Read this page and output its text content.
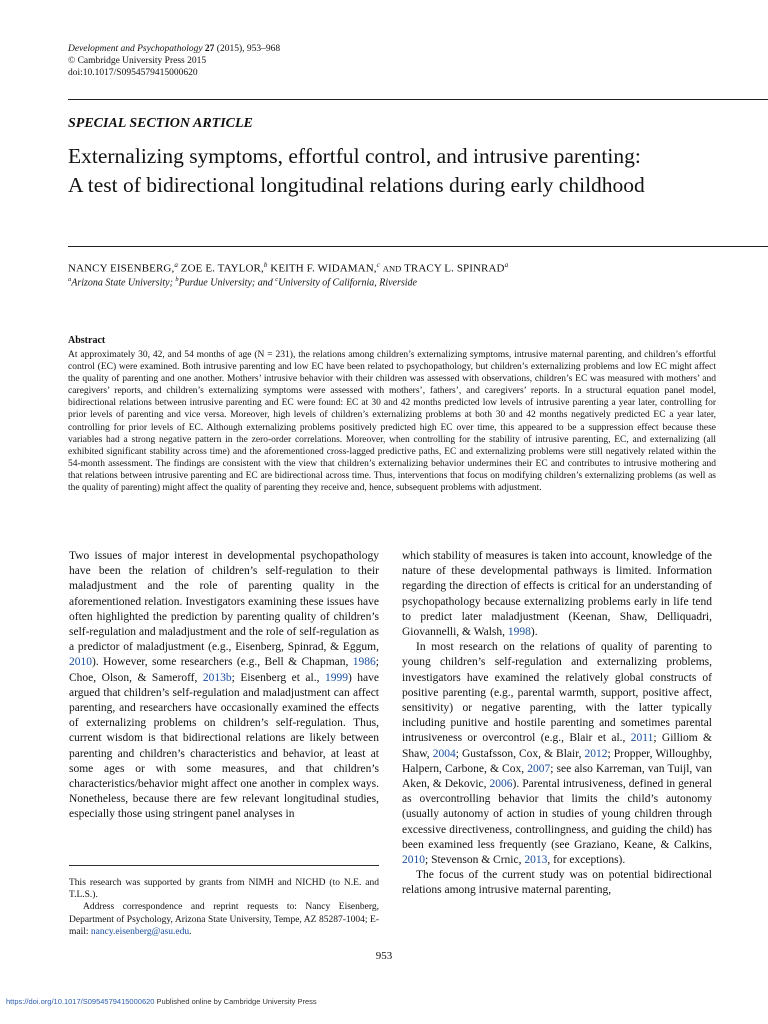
Development and Psychopathology 27 (2015), 953–968
© Cambridge University Press 2015
doi:10.1017/S0954579415000620
SPECIAL SECTION ARTICLE
Externalizing symptoms, effortful control, and intrusive parenting:
A test of bidirectional longitudinal relations during early childhood
NANCY EISENBERG,$^a$ ZOE E. TAYLOR,$^b$ KEITH F. WIDAMAN,$^c$ AND TRACY L. SPINRAD$^a$
$^a$Arizona State University; $^b$Purdue University; and $^c$University of California, Riverside
Abstract
At approximately 30, 42, and 54 months of age (N = 231), the relations among children’s externalizing symptoms, intrusive maternal parenting, and children’s effortful control (EC) were examined. Both intrusive parenting and low EC have been related to psychopathology, but children’s externalizing problems and low EC might affect the quality of parenting and one another. Mothers’ intrusive behavior with their children was assessed with observations, children’s EC was measured with mothers’ and caregivers’ reports, and children’s externalizing symptoms were assessed with mothers’, fathers’, and caregivers’ reports. In a structural equation panel model, bidirectional relations between intrusive parenting and EC were found: EC at 30 and 42 months predicted low levels of intrusive parenting a year later, controlling for prior levels of parenting and vice versa. Moreover, high levels of children’s externalizing problems at both 30 and 42 months negatively predicted EC a year later, controlling for prior levels of EC. Although externalizing problems positively predicted high EC over time, this appeared to be a suppression effect because these variables had a strong negative pattern in the zero-order correlations. Moreover, when controlling for the stability of intrusive parenting, EC, and externalizing (all exhibited significant stability across time) and the aforementioned cross-lagged predictive paths, EC and externalizing problems were still negatively related within the 54-month assessment. The findings are consistent with the view that children’s externalizing behavior undermines their EC and contributes to intrusive mothering and that relations between intrusive parenting and EC are bidirectional across time. Thus, interventions that focus on modifying children’s externalizing problems (as well as the quality of parenting) might affect the quality of parenting they receive and, hence, subsequent problems with adjustment.

Two issues of major interest in developmental psychopathology have been the relation of children’s self-regulation to their maladjustment and the role of parenting quality in the aforementioned relation. Investigators examining these issues have often highlighted the prediction by parenting quality of children’s self-regulation and maladjustment and the role of self-regulation as a predictor of maladjustment (e.g., Eisenberg, Spinrad, & Eggum, 2010). However, some researchers (e.g., Bell & Chapman, 1986; Choe, Olson, & Sameroff, 2013b; Eisenberg et al., 1999) have argued that children’s self-regulation and maladjustment can affect parenting, and researchers have occasionally examined the effects of externalizing problems on children’s self-regulation. Thus, current wisdom is that bidirectional relations are likely between parenting and children’s characteristics and behavior, at least at some ages or with some measures, and that children’s characteristics/behavior might affect one another in complex ways. Nonetheless, because there are few relevant longitudinal studies, especially those using stringent panel analyses in

which stability of measures is taken into account, knowledge of the nature of these developmental pathways is limited. Information regarding the direction of effects is critical for an understanding of psychopathology because externalizing problems early in life tend to predict later maladjustment (Keenan, Shaw, Delliquadri, Giovannelli, & Walsh, 1998).

In most research on the relations of quality of parenting to young children’s self-regulation and externalizing problems, investigators have examined the relatively global constructs of positive parenting (e.g., parental warmth, support, positive affect, sensitivity) or negative parenting, with the latter typically including punitive and hostile parenting and sometimes parental intrusiveness or overcontrol (e.g., Blair et al., 2011; Gilliom & Shaw, 2004; Gustafsson, Cox, & Blair, 2012; Propper, Willoughby, Halpern, Carbone, & Cox, 2007; see also Karreman, van Tuijl, van Aken, & Dekovic, 2006). Parental intrusiveness, defined in general as overcontrolling behavior that limits the child’s autonomy (usually autonomy of action in studies of young children through excessive directiveness, controllingness, and guiding the child) has been examined less frequently (see Graziano, Keane, & Calkins, 2010; Stevenson & Crnic, 2013, for exceptions).

The focus of the current study was on potential bidirectional relations among intrusive maternal parenting,

This research was supported by grants from NIMH and NICHD (to N.E. and T.L.S.).

Address correspondence and reprint requests to: Nancy Eisenberg, Department of Psychology, Arizona State University, Tempe, AZ 85287-1004; E-mail: nancy.eisenberg@asu.edu.

953
https://doi.org/10.1017/S0954579415000620 Published online by Cambridge University Press
